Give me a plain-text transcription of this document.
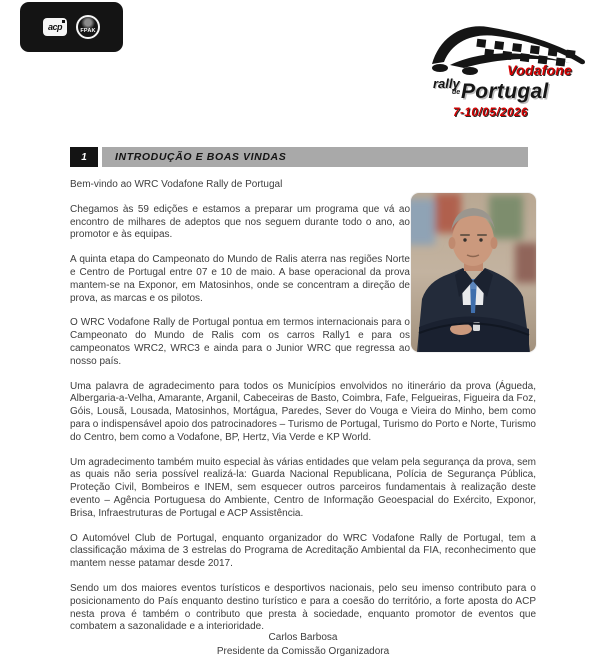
acp	FPAK
Vodafone
rally
de Portugal
7-10/05/2026
1	INTRODUÇÃO E BOAS VINDAS

Bem-vindo ao WRC Vodafone Rally de Portugal

Chegamos às 59 edições e estamos a preparar um programa que vá ao encontro de milhares de adeptos que nos seguem durante todo o ano, ao promotor e às equipas.

A quinta etapa do Campeonato do Mundo de Ralis aterra nas regiões Norte e Centro de Portugal entre 07 e 10 de maio. A base operacional da prova mantem-se na Exponor, em Matosinhos, onde se concentram a direção de prova, as marcas e os pilotos.

O WRC Vodafone Rally de Portugal pontua em termos internacionais para o Campeonato do Mundo de Ralis com os carros Rally1 e para os campeonatos WRC2, WRC3 e ainda para o Junior WRC que regressa ao nosso país.

Uma palavra de agradecimento para todos os Municípios envolvidos no itinerário da prova (Águeda, Albergaria-a-Velha, Amarante, Arganil, Cabeceiras de Basto, Coimbra, Fafe, Felgueiras, Figueira da Foz, Góis, Lousã, Lousada, Matosinhos, Mortágua, Paredes, Sever do Vouga e Vieira do Minho, bem como para o indispensável apoio dos patrocinadores – Turismo de Portugal, Turismo do Porto e Norte, Turismo do Centro, bem como a Vodafone, BP, Hertz, Via Verde e KP World.

Um agradecimento também muito especial às várias entidades que velam pela segurança da prova, sem as quais não seria possível realizá-la: Guarda Nacional Republicana, Polícia de Segurança Pública, Proteção Civil, Bombeiros e INEM, sem esquecer outros parceiros fundamentais à realização deste evento – Agência Portuguesa do Ambiente, Centro de Informação Geoespacial do Exército, Exponor, Brisa, Infraestruturas de Portugal e ACP Assistência.

O Automóvel Club de Portugal, enquanto organizador do WRC Vodafone Rally de Portugal, tem a classificação máxima de 3 estrelas do Programa de Acreditação Ambiental da FIA, reconhecimento que mantem nesse patamar desde 2017.

Sendo um dos maiores eventos turísticos e desportivos nacionais, pelo seu imenso contributo para o posicionamento do País enquanto destino turístico e para a coesão do território, a forte aposta do ACP nesta prova é também o contributo que presta à sociedade, enquanto promotor de eventos que combatem a sazonalidade e a interioridade.

Carlos Barbosa
Presidente da Comissão Organizadora
